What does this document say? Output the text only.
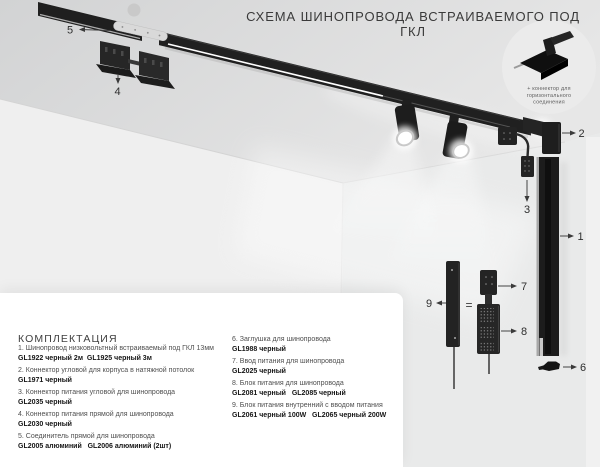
+ коннектор для
горизонтального
соединения
5
4
2
3
1
6
7
8
9	=
СХЕМА ШИНОПРОВОДА ВСТРАИВАЕМОГО ПОД ГКЛ
КОМПЛЕКТАЦИЯ
1. Шинопровод низковольтный встраиваемый под ГКЛ 13мм
GL1922 черный 2м  GL1925 черный 3м
2. Коннектор угловой для корпуса в натяжной потолок
GL1971 черный
3. Коннектор питания угловой для шинопровода
GL2035 черный
4. Коннектор питания прямой для шинопровода
GL2030 черный
5. Соединитель прямой для шинопровода
GL2005 алюминий   GL2006 алюминий (2шт)
6. Заглушка для шинопровода
GL1988 черный
7. Ввод питания для шинопровода
GL2025 черный
8. Блок питания для шинопровода
GL2081 черный   GL2085 черный
9. Блок питания внутренний с вводом питания
GL2061 черный 100W   GL2065 черный 200W
